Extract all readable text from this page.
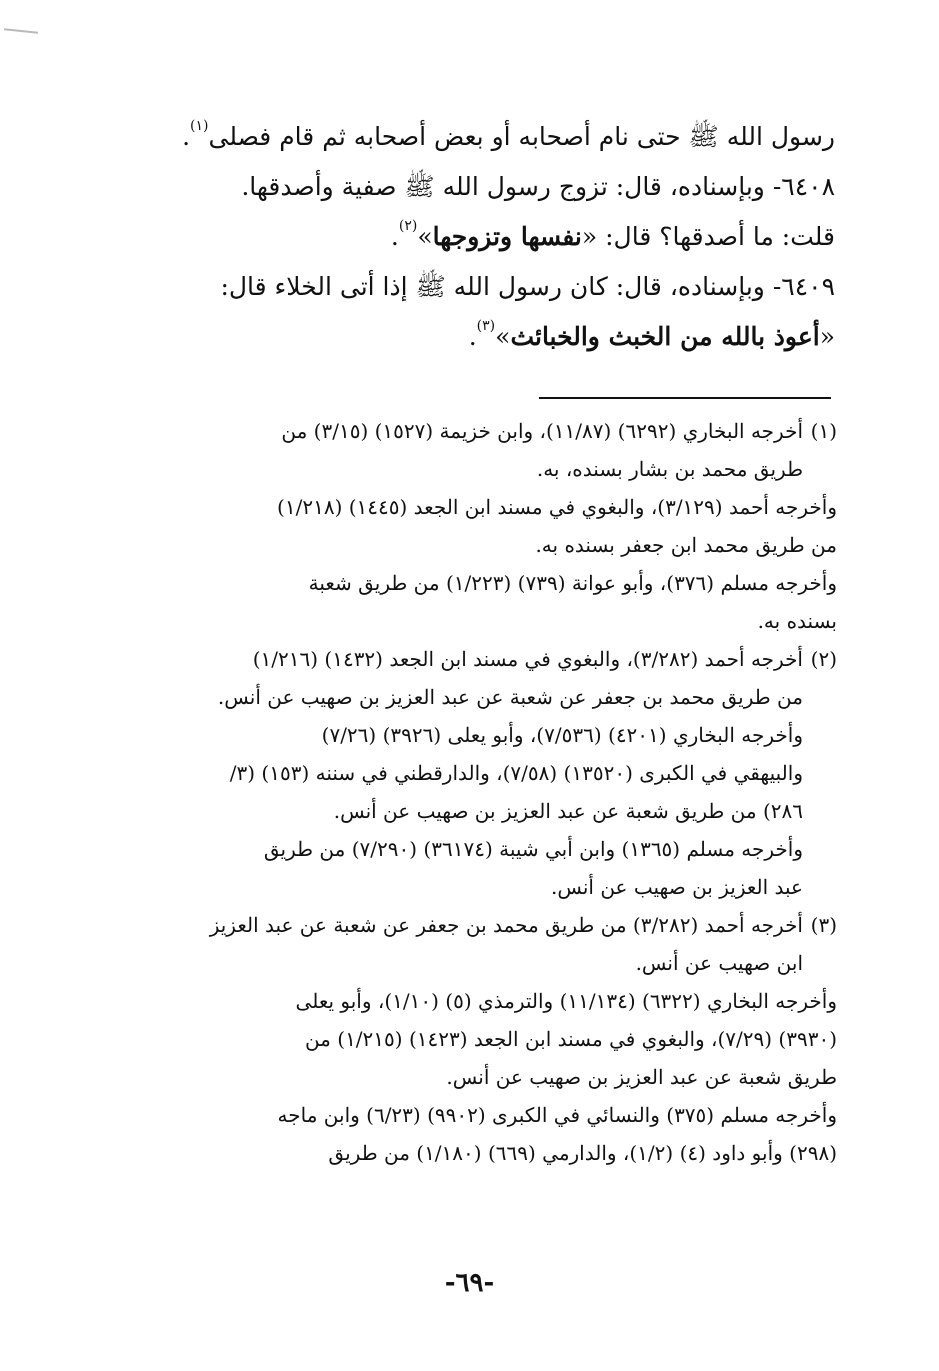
رسول الله ﷺ حتى نام أصحابه أو بعض أصحابه ثم قام فصلى$^{(١)}$.

٦٤٠٨- وبإسناده، قال: تزوج رسول الله ﷺ صفية وأصدقها.

قلت: ما أصدقها؟ قال: «نفسها وتزوجها»$^{(٢)}$.

٦٤٠٩- وبإسناده، قال: كان رسول الله ﷺ إذا أتى الخلاء قال:

«أعوذ بالله من الخبث والخبائث»$^{(٣)}$.

(١)أخرجه البخاري (٦٢٩٢) (١١/٨٧)، وابن خزيمة (١٥٢٧) (٣/١٥) من

طريق محمد بن بشار بسنده، به.

وأخرجه أحمد (٣/١٢٩)، والبغوي في مسند ابن الجعد (١٤٤٥) (١/٢١٨)

من طريق محمد ابن جعفر بسنده به.

وأخرجه مسلم (٣٧٦)، وأبو عوانة (٧٣٩) (١/٢٢٣) من طريق شعبة

بسنده به.

(٢)أخرجه أحمد (٣/٢٨٢)، والبغوي في مسند ابن الجعد (١٤٣٢) (١/٢١٦)

من طريق محمد بن جعفر عن شعبة عن عبد العزيز بن صهيب عن أنس.

وأخرجه البخاري (٤٢٠١) (٧/٥٣٦)، وأبو يعلى (٣٩٢٦) (٧/٢٦)

والبيهقي في الكبرى (١٣٥٢٠) (٧/٥٨)، والدارقطني في سننه (١٥٣) (٣/

٢٨٦) من طريق شعبة عن عبد العزيز بن صهيب عن أنس.

وأخرجه مسلم (١٣٦٥) وابن أبي شيبة (٣٦١٧٤) (٧/٢٩٠) من طريق

عبد العزيز بن صهيب عن أنس.

(٣)أخرجه أحمد (٣/٢٨٢) من طريق محمد بن جعفر عن شعبة عن عبد العزيز

ابن صهيب عن أنس.

وأخرجه البخاري (٦٣٢٢) (١١/١٣٤) والترمذي (٥) (١/١٠)، وأبو يعلى

(٣٩٣٠) (٧/٢٩)، والبغوي في مسند ابن الجعد (١٤٢٣) (١/٢١٥) من

طريق شعبة عن عبد العزيز بن صهيب عن أنس.

وأخرجه مسلم (٣٧٥) والنسائي في الكبرى (٩٩٠٢) (٦/٢٣) وابن ماجه

(٢٩٨) وأبو داود (٤) (١/٢)، والدارمي (٦٦٩) (١/١٨٠) من طريق

-٦٩-
